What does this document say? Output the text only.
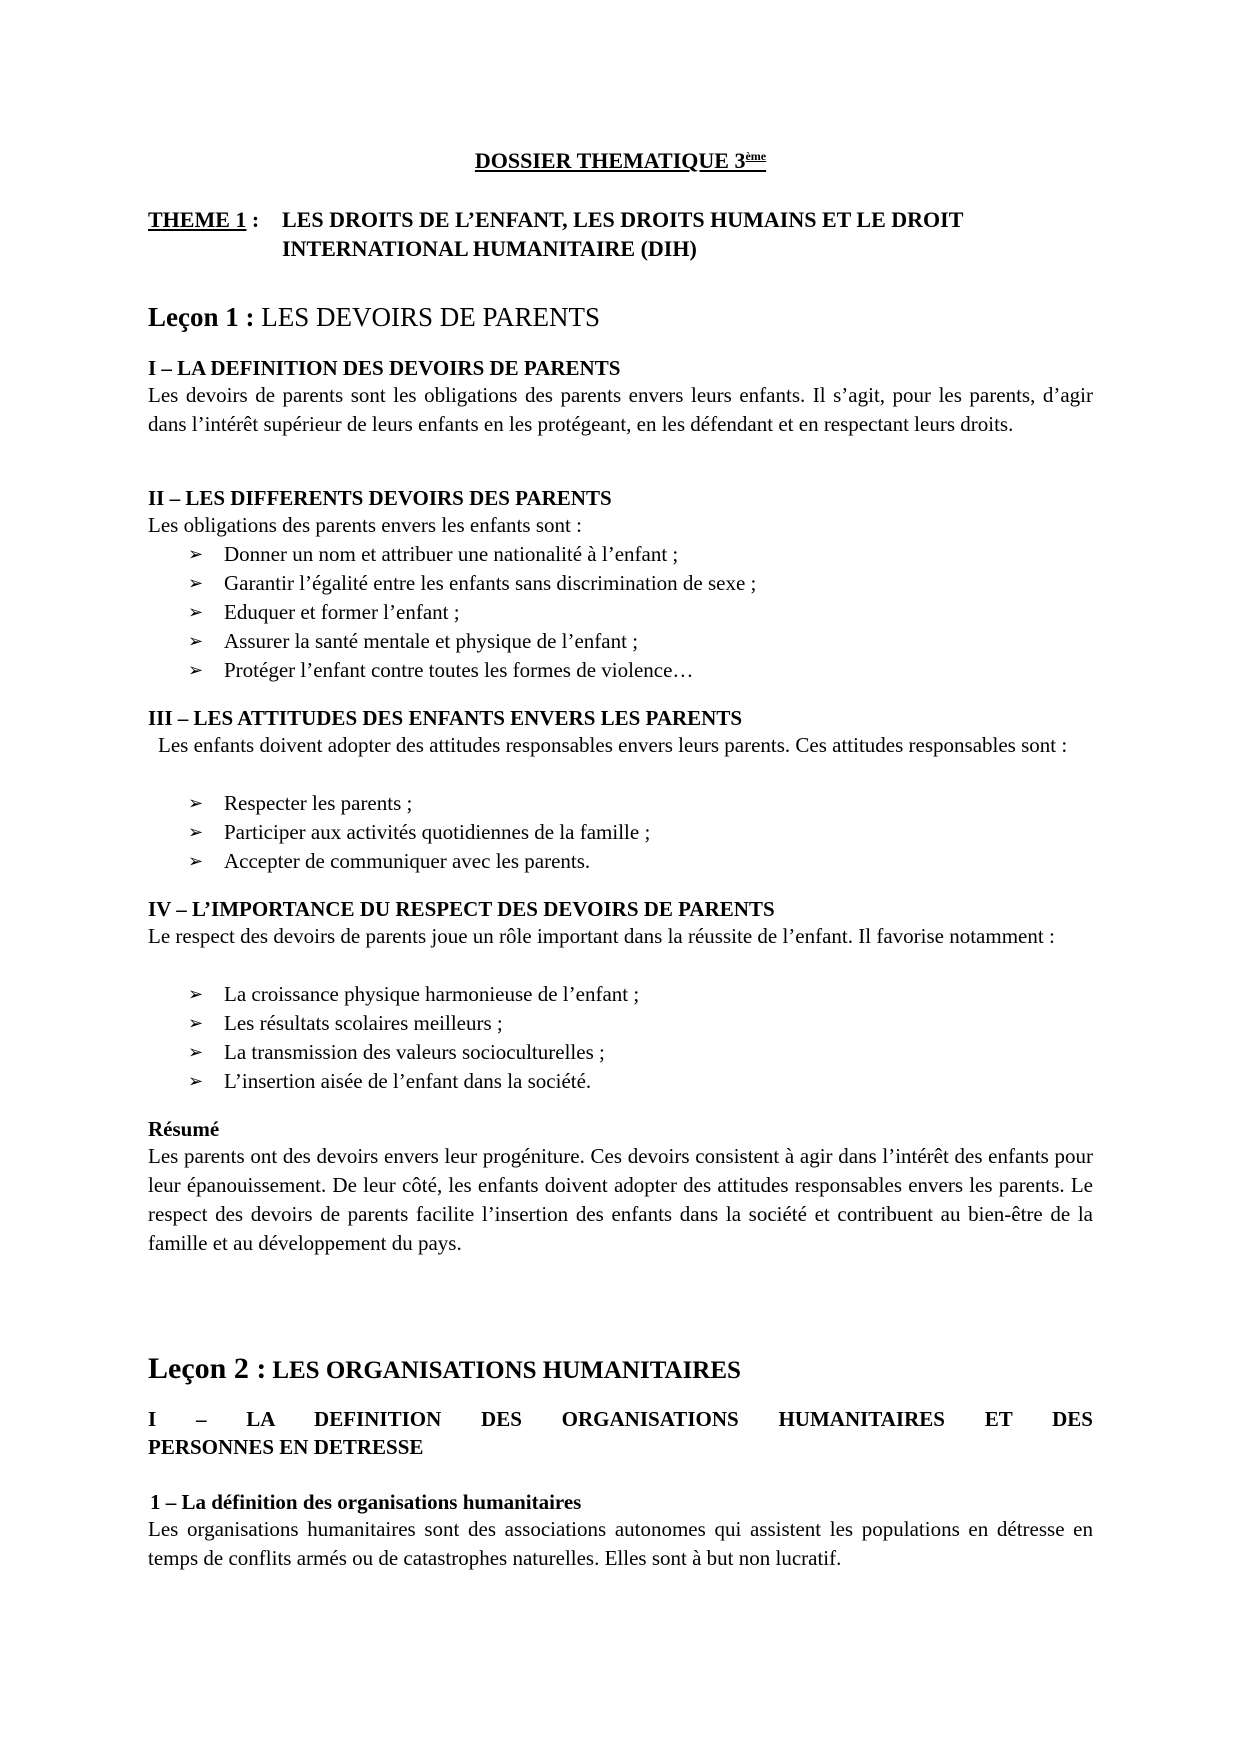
DOSSIER THEMATIQUE 3ème
THEME 1 : LES DROITS DE L’ENFANT, LES DROITS HUMAINS ET LE DROIT
INTERNATIONAL HUMANITAIRE (DIH)
Leçon 1 : LES DEVOIRS DE PARENTS
I – LA DEFINITION DES DEVOIRS DE PARENTS
Les devoirs de parents sont les obligations des parents envers leurs enfants. Il s’agit, pour les parents, d’agir dans l’intérêt supérieur de leurs enfants en les protégeant, en les défendant et en respectant leurs droits.
II – LES DIFFERENTS DEVOIRS DES PARENTS
Les obligations des parents envers les enfants sont :
➢ Donner un nom et attribuer une nationalité à l’enfant ;
➢ Garantir l’égalité entre les enfants sans discrimination de sexe ;
➢ Eduquer et former l’enfant ;
➢ Assurer la santé mentale et physique de l’enfant ;
➢ Protéger l’enfant contre toutes les formes de violence…
III – LES ATTITUDES DES ENFANTS ENVERS LES PARENTS
Les enfants doivent adopter des attitudes responsables envers leurs parents. Ces attitudes responsables sont :
➢ Respecter les parents ;
➢ Participer aux activités quotidiennes de la famille ;
➢ Accepter de communiquer avec les parents.
IV – L’IMPORTANCE DU RESPECT DES DEVOIRS DE PARENTS
Le respect des devoirs de parents joue un rôle important dans la réussite de l’enfant. Il favorise notamment :
➢ La croissance physique harmonieuse de l’enfant ;
➢ Les résultats scolaires meilleurs ;
➢ La transmission des valeurs socioculturelles ;
➢ L’insertion aisée de l’enfant dans la société.
Résumé
Les parents ont des devoirs envers leur progéniture. Ces devoirs consistent à agir dans l’intérêt des enfants pour leur épanouissement. De leur côté, les enfants doivent adopter des attitudes responsables envers les parents. Le respect des devoirs de parents facilite l’insertion des enfants dans la société et contribuent au bien-être de la famille et au développement du pays.
Leçon 2 : LES ORGANISATIONS HUMANITAIRES
I – LA DEFINITION DES ORGANISATIONS HUMANITAIRES ET DES
PERSONNES EN DETRESSE
1 – La définition des organisations humanitaires
Les organisations humanitaires sont des associations autonomes qui assistent les populations en détresse en temps de conflits armés ou de catastrophes naturelles. Elles sont à but non lucratif.
